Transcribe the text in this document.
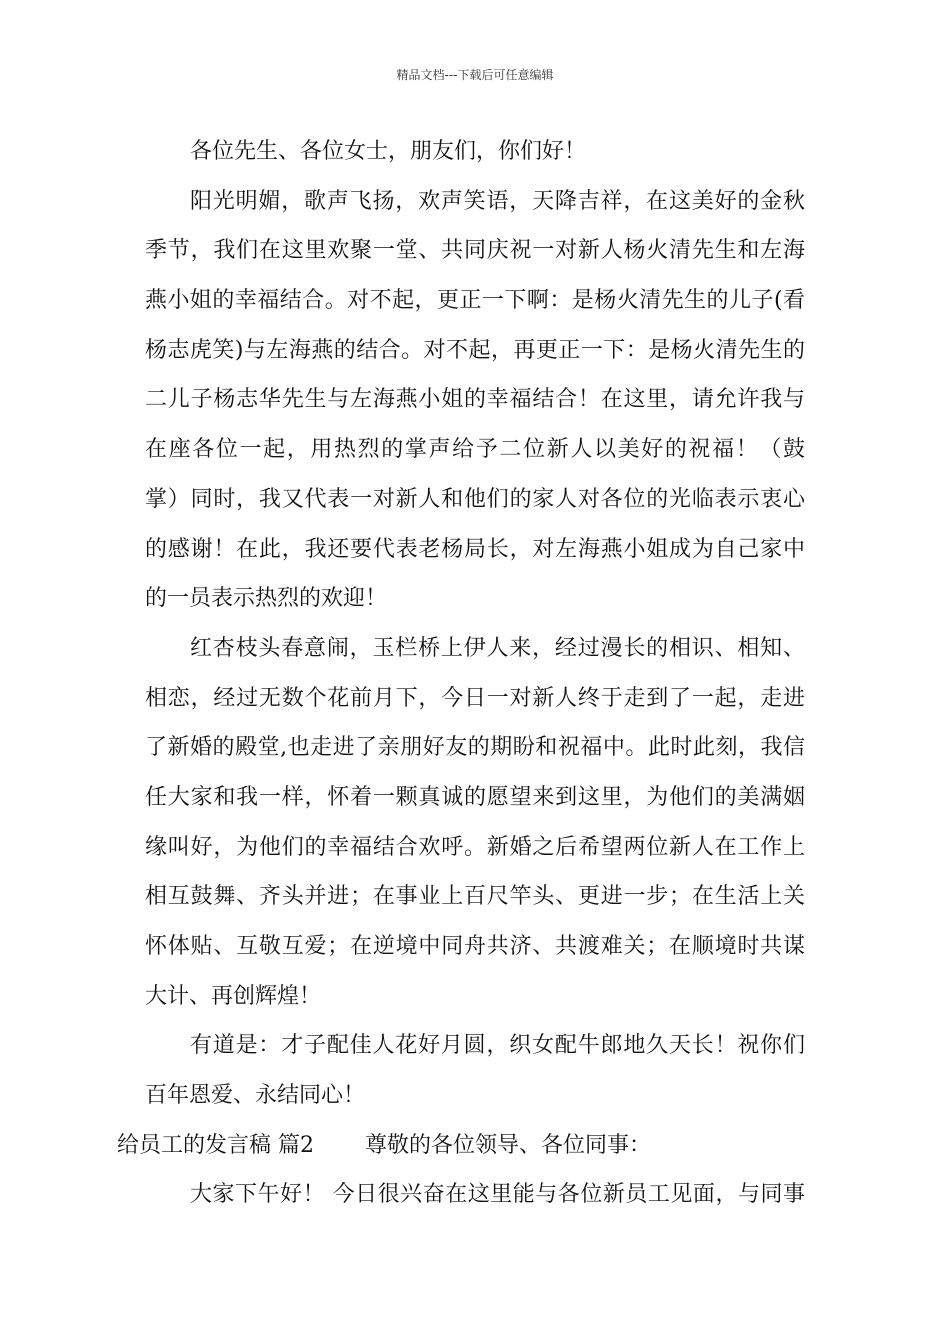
精品文档---下载后可任意编辑
各位先生、各位女士，朋友们，你们好！
阳光明媚，歌声飞扬，欢声笑语，天降吉祥，在这美好的金秋
季节，我们在这里欢聚一堂、共同庆祝一对新人杨火清先生和左海
燕小姐的幸福结合。对不起，更正一下啊：是杨火清先生的儿子(看
杨志虎笑)与左海燕的结合。对不起，再更正一下：是杨火清先生的
二儿子杨志华先生与左海燕小姐的幸福结合！在这里，请允许我与
在座各位一起，用热烈的掌声给予二位新人以美好的祝福！（鼓
掌）同时，我又代表一对新人和他们的家人对各位的光临表示衷心
的感谢！在此，我还要代表老杨局长，对左海燕小姐成为自己家中
的一员表示热烈的欢迎！
红杏枝头春意闹，玉栏桥上伊人来，经过漫长的相识、相知、
相恋，经过无数个花前月下，今日一对新人终于走到了一起，走进
了新婚的殿堂,也走进了亲朋好友的期盼和祝福中。此时此刻，我信
任大家和我一样，怀着一颗真诚的愿望来到这里，为他们的美满姻
缘叫好，为他们的幸福结合欢呼。新婚之后希望两位新人在工作上
相互鼓舞、齐头并进；在事业上百尺竿头、更进一步；在生活上关
怀体贴、互敬互爱；在逆境中同舟共济、共渡难关；在顺境时共谋
大计、再创辉煌！
有道是：才子配佳人花好月圆，织女配牛郎地久天长！祝你们
百年恩爱、永结同心！
给员工的发言稿 篇2　　 尊敬的各位领导、各位同事：
大家下午好！ 今日很兴奋在这里能与各位新员工见面，与同事
